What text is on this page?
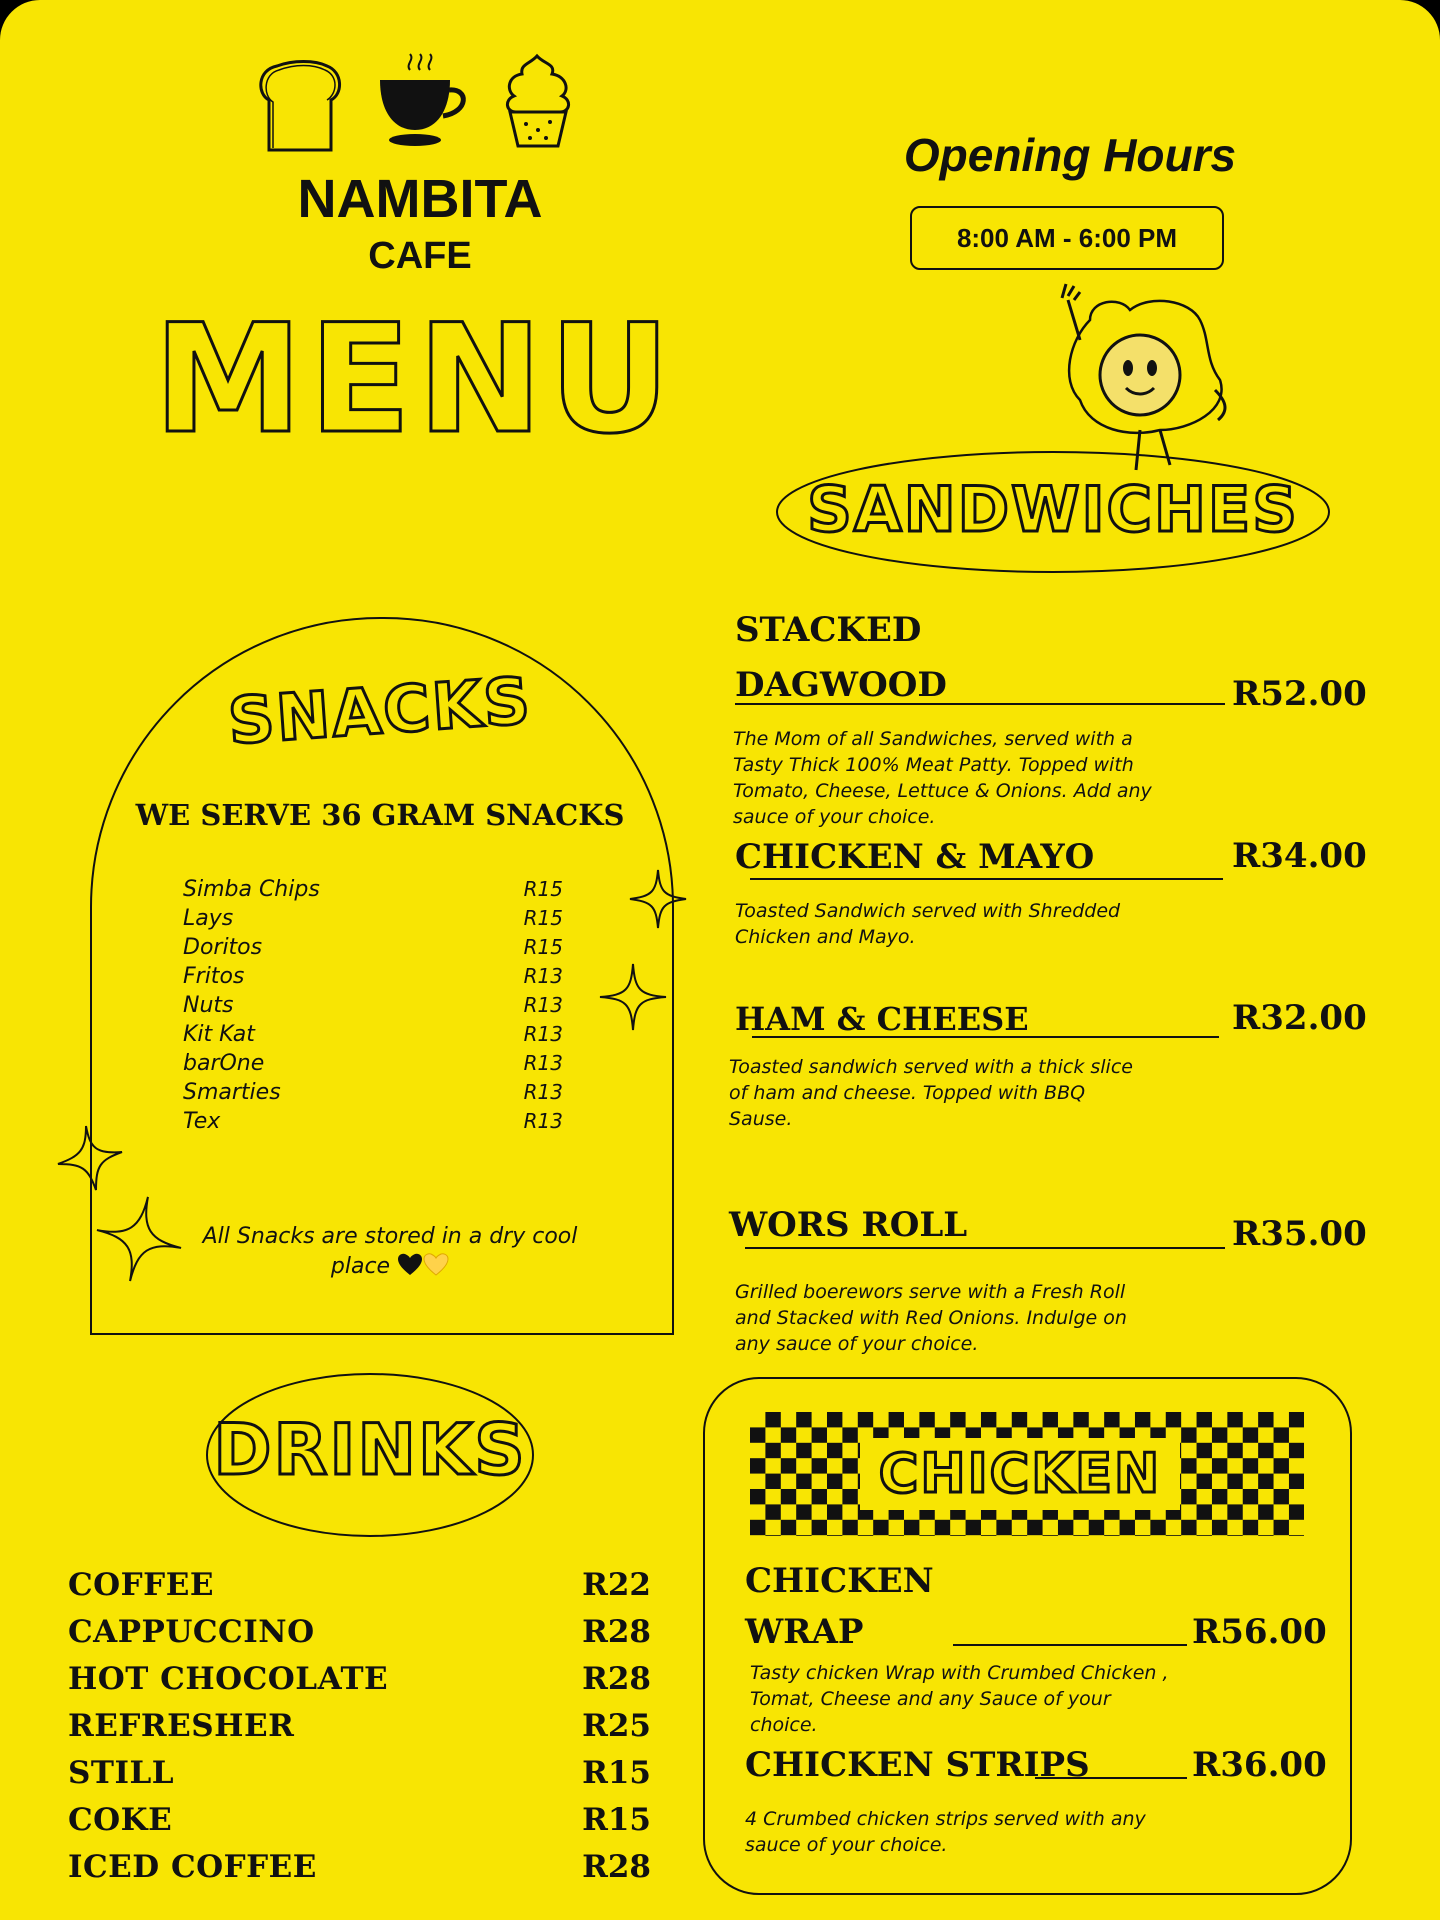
NAMBITA
CAFE
MENU
Opening Hours
8:00 AM - 6:00 PM
SANDWICHES
STACKED
DAGWOOD	R52.00
The Mom of all Sandwiches, served with a
Tasty Thick 100% Meat Patty. Topped with
Tomato, Cheese, Lettuce & Onions. Add any
sauce of your choice.
CHICKEN & MAYO	R34.00
Toasted Sandwich served with Shredded
Chicken and Mayo.
HAM & CHEESE	R32.00
Toasted sandwich served with a thick slice
of ham and cheese. Topped with BBQ
Sause.
WORS ROLL	R35.00
Grilled boerewors serve with a Fresh Roll
and Stacked with Red Onions. Indulge on
any sauce of your choice.
SNACKS
WE SERVE 36 GRAM SNACKS
Simba Chips	R15
Lays	R15
Doritos	R15
Fritos	R13
Nuts	R13
Kit Kat	R13
barOne	R13
Smarties	R13
Tex	R13
All Snacks are stored in a dry cool
place
DRINKS
COFFEE	R22
CAPPUCCINO	R28
HOT CHOCOLATE	R28
REFRESHER	R25
STILL	R15
COKE	R15
ICED COFFEE	R28
CHICKEN
CHICKEN
WRAP	R56.00
Tasty chicken Wrap with Crumbed Chicken ,
Tomat, Cheese and any Sauce of your
choice.
CHICKEN STRIPS	R36.00
4 Crumbed chicken strips served with any
sauce of your choice.
